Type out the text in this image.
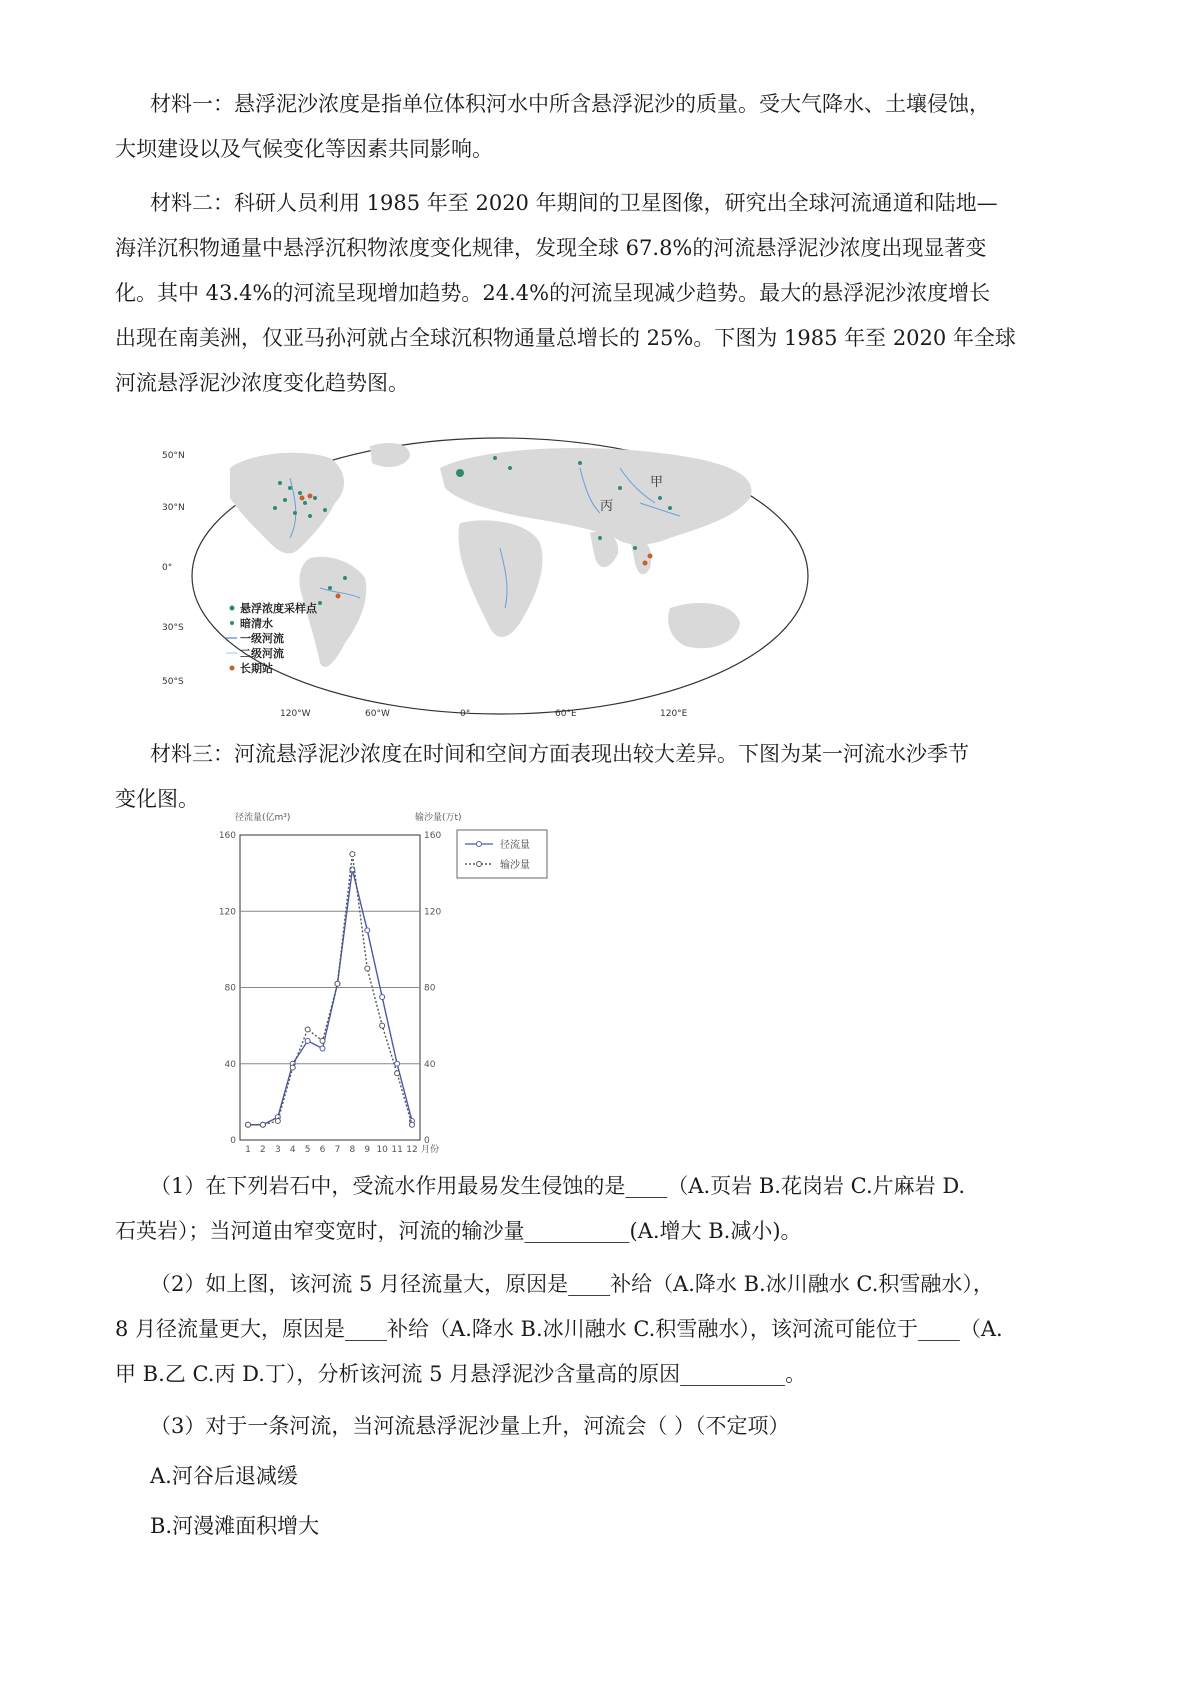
材料一：悬浮泥沙浓度是指单位体积河水中所含悬浮泥沙的质量。受大气降水、土壤侵蚀，
大坝建设以及气候变化等因素共同影响。
材料二：科研人员利用 1985 年至 2020 年期间的卫星图像，研究出全球河流通道和陆地—
海洋沉积物通量中悬浮沉积物浓度变化规律，发现全球 67.8%的河流悬浮泥沙浓度出现显著变
化。其中 43.4%的河流呈现增加趋势。24.4%的河流呈现减少趋势。最大的悬浮泥沙浓度增长
出现在南美洲，仅亚马孙河就占全球沉积物通量总增长的 25%。下图为 1985 年至 2020 年全球
河流悬浮泥沙浓度变化趋势图。
丙
甲
50°N
30°N
0°
30°S
50°S
120°W	60°W	0°	60°E	120°E
悬浮浓度采样点
暗清水
一级河流
二级河流
长期站
材料三：河流悬浮泥沙浓度在时间和空间方面表现出较大差异。下图为某一河流水沙季节
变化图。
径流量(亿m³)	输沙量(万t)
0
40
80
120
160
0
40
80
120
160
1 2 3 4 5 6 7 8 9 10 11 12
径流量
输沙量
月份
（1）在下列岩石中，受流水作用最易发生侵蚀的是____（A.页岩 B.花岗岩 C.片麻岩 D.
石英岩）；当河道由窄变宽时，河流的输沙量__________(A.增大 B.减小)。
（2）如上图，该河流 5 月径流量大，原因是____补给（A.降水 B.冰川融水 C.积雪融水），
8 月径流量更大，原因是____补给（A.降水 B.冰川融水 C.积雪融水），该河流可能位于____（A.
甲 B.乙 C.丙 D.丁），分析该河流 5 月悬浮泥沙含量高的原因__________。
（3）对于一条河流，当河流悬浮泥沙量上升，河流会（ ）（不定项）
A.河谷后退减缓
B.河漫滩面积增大
